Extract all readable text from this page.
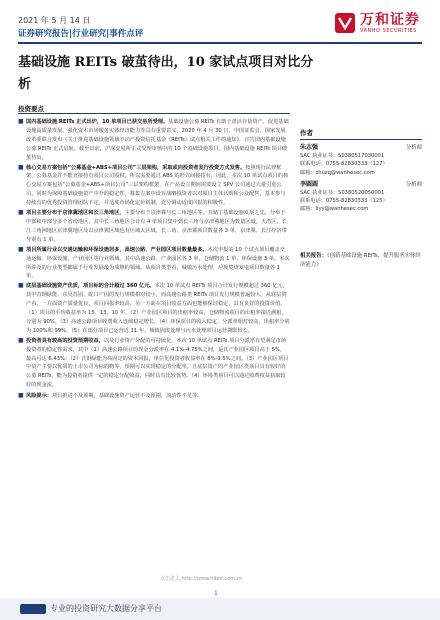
2021 年 5 月 14 日
证券研究报告|行业研究|事件点评
万和证券
VANHO SECURITIES
基础设施 REITs 破茧待出，10 家试点项目对比分析
投资要点
■ 国内基础设施 REITs 正式出炉，10 单项目已获交易所受理。基础设施公募 REITs 有助于盘活存量资产，促进基础设施高质量发展，强化资本市场服务实体经济能力等具有重要意义。2020 年 4 月 30 日，中国证监会、国家发展改革委联合发布《关于推进基础设施领域不动产投资信托基金（REITs）试点相关工作的通知》，宣告国内基础设施公募 REITs 正式启航。截至日前，沪深交易所正式受理审核中的 10 个基础设施项目，国内基础设施 REITs 项目破茧待出。
■ 核心交易方案包括“公募基金+ABS+项目公司”三层架构，采取或向投资者发行投资方式发售。按照现行法律框架，公募基金并不能直接持有项目公司股权，所以需要通过 ABS 的形式间接持有，因此，本次 10 单试点项目的核心交易方案包括“公募基金+ABS+项目公司”三层架构框架。在产品设立期间需要设立 SPV 公司通过大量引进公司，同时为保障基础设施资产中介的稳定性，募集方案中设有战略投资者以对项目主体认购和公众配售，基本参与持续有的优秀投资管理团队不定，并适度市场化定价机制，充分调动适度回报的积极性。
■ 项目主要分布于京津冀地区和长三角地区，主要分布于京津冀与长三角地区等，且储了基础设施发展之先。分布于中部和中部分多个省份地区，其中长三角地区合计有 4 单项目集中到长三角与京津冀地区为数量区域，大湾区、长江三角洲地区京津冀地区及以京津冀区域也有区域大区域，长三角、京津冀项目数量各 3 单，京津冀、长江经济带分别有 1 单。
■ 项目所属行业以交通运输和环保设施居多，高速公路、产业园区项目数量最多。本次申报的 10 个试点项目覆盖交通运输、环保设施、产业园区等行业领域，其中高速公路、产业园区各 3 单，仓储物流 1 单，环保设施 3 单，本次所涉及的行业类型都属于行业发展最为成熟的领域。从项目类型看，城镇污水处理、垃圾焚烧发电项目数量各 1 单。
■ 底层基础设施资产优质，项目标的合计超过 360 亿元。本次 10 单试点 REITs 项目合计发行规模超过 360 亿元，其中首钢绿能、东吴苏园、蛇口产园的发行规模相对较小，而高速公路类 REITs 项目发行规模普遍较大。从底层资产看，一方面资产质量优良，项目回报率较高，另一方面在项目收益方面也能够保证稳定，具有良好的投资价值。（1）项目的平均收益率为 15、13、10 年。（2）产业园区项目的出租率较高，仓储物流项目的出租率接近满租，分别为 90%。（3）高速公路项目收费收入连续稳定增长。（4）环保项目的收入稳定，分派率相对较高，出租率分别为 100%和 99%。（5）在部分项目已运营近 11 年，城镇固废处理与污水处理项目运营期限较长。
■ 投资者具有较高的投资预期收益，以及行业资产分配的可持续化。本次 10 单试点 REITs 项目分派率有望满足市场投资者的稳定性需求，其中（1）高速公路项目的现金分派率在 4.1%-4.75%之间，是其产业园区项目高于 5%，最高可达 6.43%；（2）首钢绿能为高固定的资本回报，单位化投资者收益率在 8%-9.5%之间。（3）产业园区项目中资产主要以优质的上市公司为标的物等，预期可以实现稳定的分配率，且底层资产的产业园区类项目具有较好的公募 REITs，能为投资者提供一定的稳定分配收益，同时具有比较优势。（4）环境类项目可以通过收费权益获取较好的现金流。
■ 风险提示：项目推进不及预期，基础设施资产运营不及预期，流动性不足等。
作者
朱志强	分析师
SAC 执业证书：S0380517030001
联系电话：0755-82830333（127）
邮箱：zhuzq@wanhesec.com
李圆圆	分析师
SAC 执业证书：S0380520050001
联系电话：0755-82830333（125）
邮箱：liyy@wanhesec.com
相关报告：《创新基础设施 REITs，提升服务实体经济能力》
1
专业的投资研究大数据分享平台
点击进入 http://www.hibor.com.cn
